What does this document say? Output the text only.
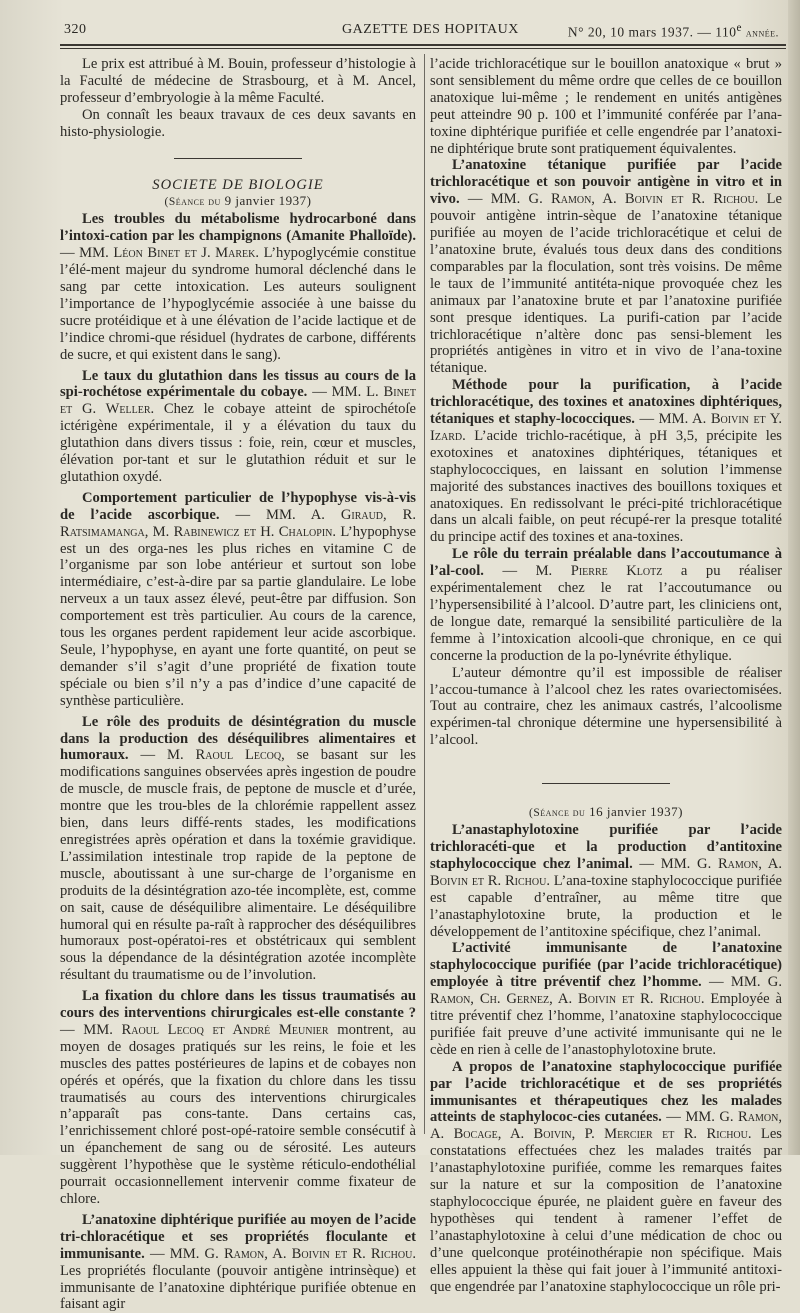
320	GAZETTE DES HOPITAUX	N° 20, 10 mars 1937. — 110e année.

Le prix est attribué à M. Bouin, professeur d’histologie à la Faculté de médecine de Strasbourg, et à M. Ancel, professeur d’embryologie à la même Faculté.

On connaît les beaux travaux de ces deux savants en histo-physiologie.

SOCIETE DE BIOLOGIE

(Séance du 9 janvier 1937)

Les troubles du métabolisme hydrocarboné dans l’intoxi-cation par les champignons (Amanite Phalloïde). — MM. Léon Binet et J. Marek. L’hypoglycémie constitue l’élé-ment majeur du syndrome humoral déclenché dans le sang par cette intoxication. Les auteurs soulignent l’importance de l’hypoglycémie associée à une baisse du sucre protéidique et à une élévation de l’acide lactique et de l’indice chromi-que résiduel (hydrates de carbone, différents de sucre, et qui existent dans le sang).

Le taux du glutathion dans les tissus au cours de la spi-rochétose expérimentale du cobaye. — MM. L. Binet et G. Weller. Chez le cobaye atteint de spirochétoſe ictérigène expérimentale, il y a élévation du taux du glutathion dans divers tissus : foie, rein, cœur et muscles, élévation por-tant et sur le glutathion réduit et sur le glutathion oxydé.

Comportement particulier de l’hypophyse vis-à-vis de l’acide ascorbique. — MM. A. Giraud, R. Ratsimamanga, M. Rabinewicz et H. Chalopin. L’hypophyse est un des orga-nes les plus riches en vitamine C de l’organisme par son lobe antérieur et surtout son lobe intermédiaire, c’est-à-dire par sa partie glandulaire. Le lobe nerveux a un taux assez élevé, peut-être par diffusion. Son comportement est très particulier. Au cours de la carence, tous les organes perdent rapidement leur acide ascorbique. Seule, l’hypophyse, en ayant une forte quantité, on peut se demander s’il s’agit d’une propriété de fixation toute spéciale ou bien s’il n’y a pas d’indice d’une capacité de synthèse particulière.

Le rôle des produits de désintégration du muscle dans la production des déséquilibres alimentaires et humoraux. — M. Raoul Lecoq, se basant sur les modifications sanguines observées après ingestion de poudre de muscle, de muscle frais, de peptone de muscle et d’urée, montre que les trou-bles de la chlorémie rappellent assez bien, dans leurs diffé-rents stades, les modifications enregistrées après opération et dans la toxémie gravidique. L’assimilation intestinale trop rapide de la peptone de muscle, aboutissant à une sur-charge de l’organisme en produits de la désintégration azo-tée incomplète, est, comme on sait, cause de déséquilibre alimentaire. Le déséquilibre humoral qui en résulte pa-raît à rapprocher des déséquilibres humoraux post-opératoi-res et obstétricaux qui semblent sous la dépendance de la désintégration azotée incomplète résultant du traumatisme ou de l’involution.

La fixation du chlore dans les tissus traumatisés au cours des interventions chirurgicales est-elle constante ? — MM. Raoul Lecoq et André Meunier montrent, au moyen de dosages pratiqués sur les reins, le foie et les muscles des pattes postérieures de lapins et de cobayes non opérés et opérés, que la fixation du chlore dans les tissu traumatisés au cours des interventions chirurgicales n’apparaît pas cons-tante. Dans certains cas, l’enrichissement chloré post-opé-ratoire semble consécutif à un épanchement de sang ou de sérosité. Les auteurs suggèrent l’hypothèse que le système réticulo-endothélial pourrait occasionnellement intervenir comme fixateur de chlore.

L’anatoxine diphtérique purifiée au moyen de l’acide tri-chloracétique et ses propriétés floculante et immunisante. — MM. G. Ramon, A. Boivin et R. Richou. Les propriétés floculante (pouvoir antigène intrinsèque) et immunisante de l’anatoxine diphtérique purifiée obtenue en faisant agir

l’acide trichloracétique sur le bouillon anatoxique « brut » sont sensiblement du même ordre que celles de ce bouillon anatoxique lui-même ; le rendement en unités antigènes peut atteindre 90 p. 100 et l’immunité conférée par l’ana-toxine diphtérique purifiée et celle engendrée par l’anatoxi-ne diphtérique brute sont pratiquement équivalentes.

L’anatoxine tétanique purifiée par l’acide trichloracétique et son pouvoir antigène in vitro et in vivo. — MM. G. Ramon, A. Boivin et R. Richou. Le pouvoir antigène intrin-sèque de l’anatoxine tétanique purifiée au moyen de l’acide trichloracétique et celui de l’anatoxine brute, évalués tous deux dans des conditions comparables par la floculation, sont très voisins. De même le taux de l’immunité antitéta-nique provoquée chez les animaux par l’anatoxine brute et par l’anatoxine purifiée sont presque identiques. La purifi-cation par l’acide trichloracétique n’altère donc pas sensi-blement les propriétés antigènes in vitro et in vivo de l’ana-toxine tétanique.

Méthode pour la purification, à l’acide trichloracétique, des toxines et anatoxines diphtériques, tétaniques et staphy-lococciques. — MM. A. Boivin et Y. Izard. L’acide trichlo-racétique, à pH 3,5, précipite les exotoxines et anatoxines diphtériques, tétaniques et staphylococciques, en laissant en solution l’immense majorité des substances inactives des bouillons toxiques et anatoxiques. En redissolvant le préci-pité trichloracétique dans un alcali faible, on peut récupé-rer la presque totalité du principe actif des toxines et ana-toxines.

Le rôle du terrain préalable dans l’accoutumance à l’al-cool. — M. Pierre Klotz a pu réaliser expérimentalement chez le rat l’accoutumance ou l’hypersensibilité à l’alcool. D’autre part, les cliniciens ont, de longue date, remarqué la sensibilité particulière de la femme à l’intoxication alcooli-que chronique, en ce qui concerne la production de la po-lynévrite éthylique.

L’auteur démontre qu’il est impossible de réaliser l’accou-tumance à l’alcool chez les rates ovariectomisées. Tout au contraire, chez les animaux castrés, l’alcoolisme expérimen-tal chronique détermine une hypersensibilité à l’alcool.

(Séance du 16 janvier 1937)

L’anastaphylotoxine purifiée par l’acide trichloracéti-que et la production d’antitoxine staphylococcique chez l’animal. — MM. G. Ramon, A. Boivin et R. Richou. L’ana-toxine staphylococcique purifiée est capable d’entraîner, au même titre que l’anastaphylotoxine brute, la production et le développement de l’antitoxine spécifique, chez l’animal.

L’activité immunisante de l’anatoxine staphylococcique purifiée (par l’acide trichloracétique) employée à titre préventif chez l’homme. — MM. G. Ramon, Ch. Gernez, A. Boivin et R. Richou. Employée à titre préventif chez l’homme, l’anatoxine staphylococcique purifiée fait preuve d’une activité immunisante qui ne le cède en rien à celle de l’anastophylotoxine brute.

A propos de l’anatoxine staphylococcique purifiée par l’acide trichloracétique et de ses propriétés immunisantes et thérapeutiques chez les malades atteints de staphylococ-cies cutanées. — MM. G. Ramon, A. Bocage, A. Boivin, P. Mercier et R. Richou. Les constatations effectuées chez les malades traités par l’anastaphylotoxine purifiée, comme les remarques faites sur la nature et sur la composition de l’anatoxine staphylococcique épurée, ne plaident guère en faveur des hypothèses qui tendent à ramener l’effet de l’anastaphylotoxine à celui d’une médication de choc ou d’une quelconque protéinothérapie non spécifique. Mais elles appuient la thèse qui fait jouer à l’immunité antitoxi-que engendrée par l’anatoxine staphylococcique un rôle pri-
